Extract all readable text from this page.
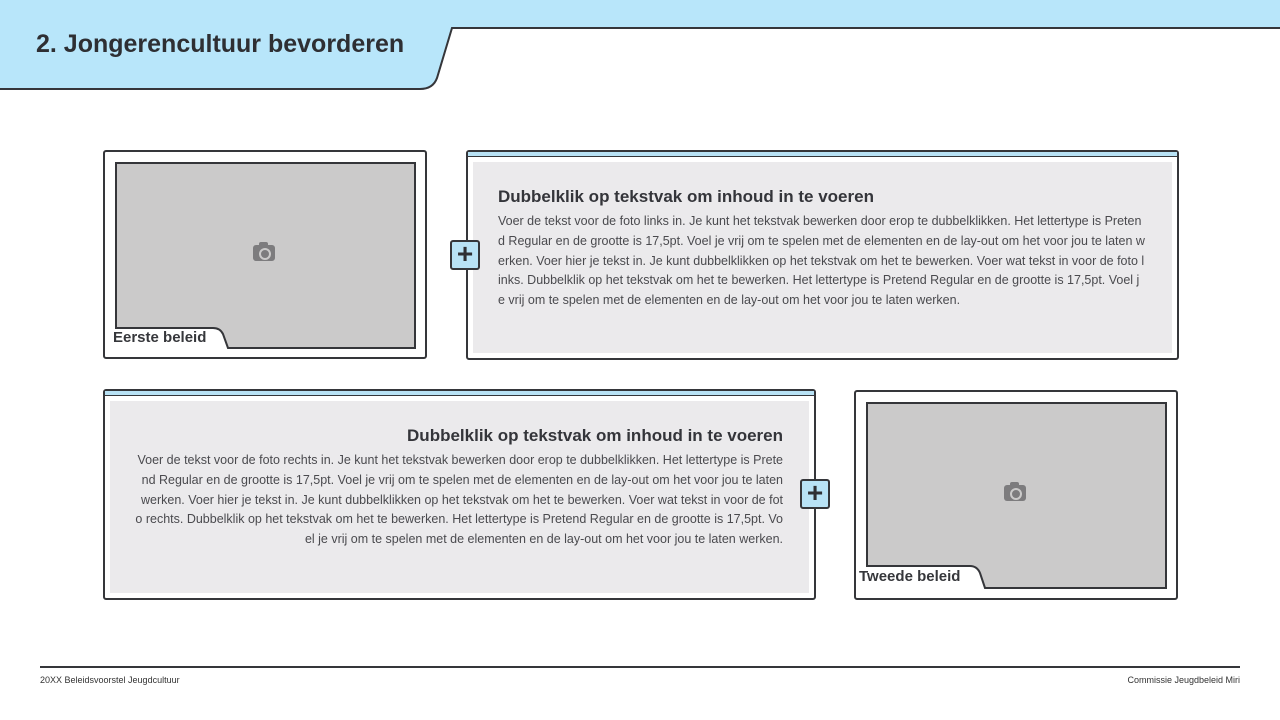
2. Jongerencultuur bevorderen
Eerste beleid
Dubbelklik op tekstvak om inhoud in te voeren
Voer de tekst voor de foto links in. Je kunt het tekstvak bewerken door erop te dubbelklikken. Het lettertype is Pretend Regular en de grootte is 17,5pt. Voel je vrij om te spelen met de elementen en de lay-out om het voor jou te laten werken. Voer hier je tekst in. Je kunt dubbelklikken op het tekstvak om het te bewerken. Voer wat tekst in voor de foto links. Dubbelklik op het tekstvak om het te bewerken. Het lettertype is Pretend Regular en de grootte is 17,5pt. Voel je vrij om te spelen met de elementen en de lay-out om het voor jou te laten werken.
+
Dubbelklik op tekstvak om inhoud in te voeren
Voer de tekst voor de foto rechts in. Je kunt het tekstvak bewerken door erop te dubbelklikken. Het lettertype is Pretend Regular en de grootte is 17,5pt. Voel je vrij om te spelen met de elementen en de lay-out om het voor jou te laten werken. Voer hier je tekst in. Je kunt dubbelklikken op het tekstvak om het te bewerken. Voer wat tekst in voor de foto rechts. Dubbelklik op het tekstvak om het te bewerken. Het lettertype is Pretend Regular en de grootte is 17,5pt. Voel je vrij om te spelen met de elementen en de lay-out om het voor jou te laten werken.
+
Tweede beleid
20XX Beleidsvoorstel Jeugdcultuur	Commissie Jeugdbeleid Miri
